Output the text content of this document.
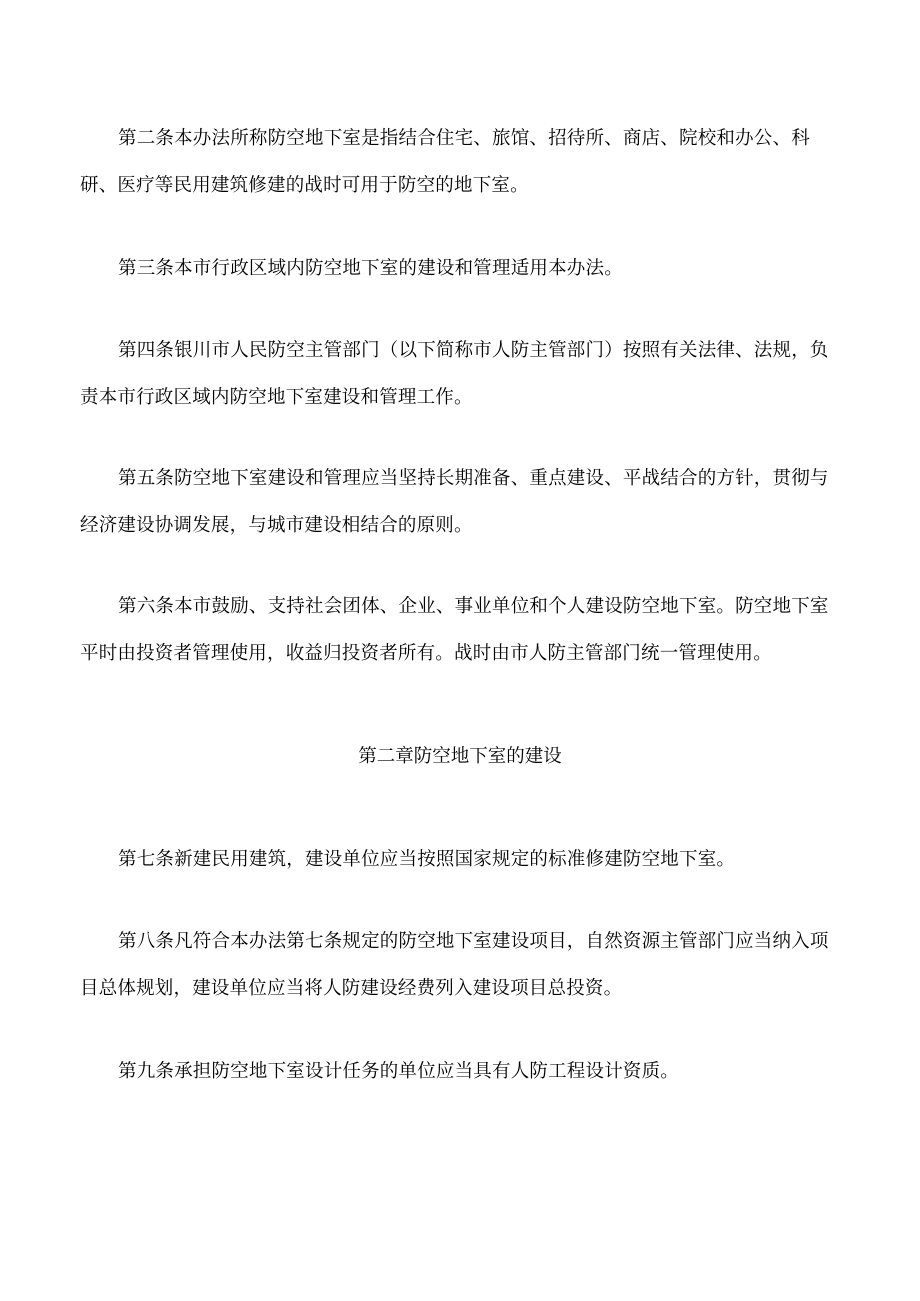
第二条本办法所称防空地下室是指结合住宅、旅馆、招待所、商店、院校和办公、科研、医疗等民用建筑修建的战时可用于防空的地下室。

第三条本市行政区域内防空地下室的建设和管理适用本办法。

第四条银川市人民防空主管部门（以下简称市人防主管部门）按照有关法律、法规，负责本市行政区域内防空地下室建设和管理工作。

第五条防空地下室建设和管理应当坚持长期准备、重点建设、平战结合的方针，贯彻与经济建设协调发展，与城市建设相结合的原则。

第六条本市鼓励、支持社会团体、企业、事业单位和个人建设防空地下室。防空地下室平时由投资者管理使用，收益归投资者所有。战时由市人防主管部门统一管理使用。

第二章防空地下室的建设

第七条新建民用建筑，建设单位应当按照国家规定的标准修建防空地下室。

第八条凡符合本办法第七条规定的防空地下室建设项目，自然资源主管部门应当纳入项目总体规划，建设单位应当将人防建设经费列入建设项目总投资。

第九条承担防空地下室设计任务的单位应当具有人防工程设计资质。
